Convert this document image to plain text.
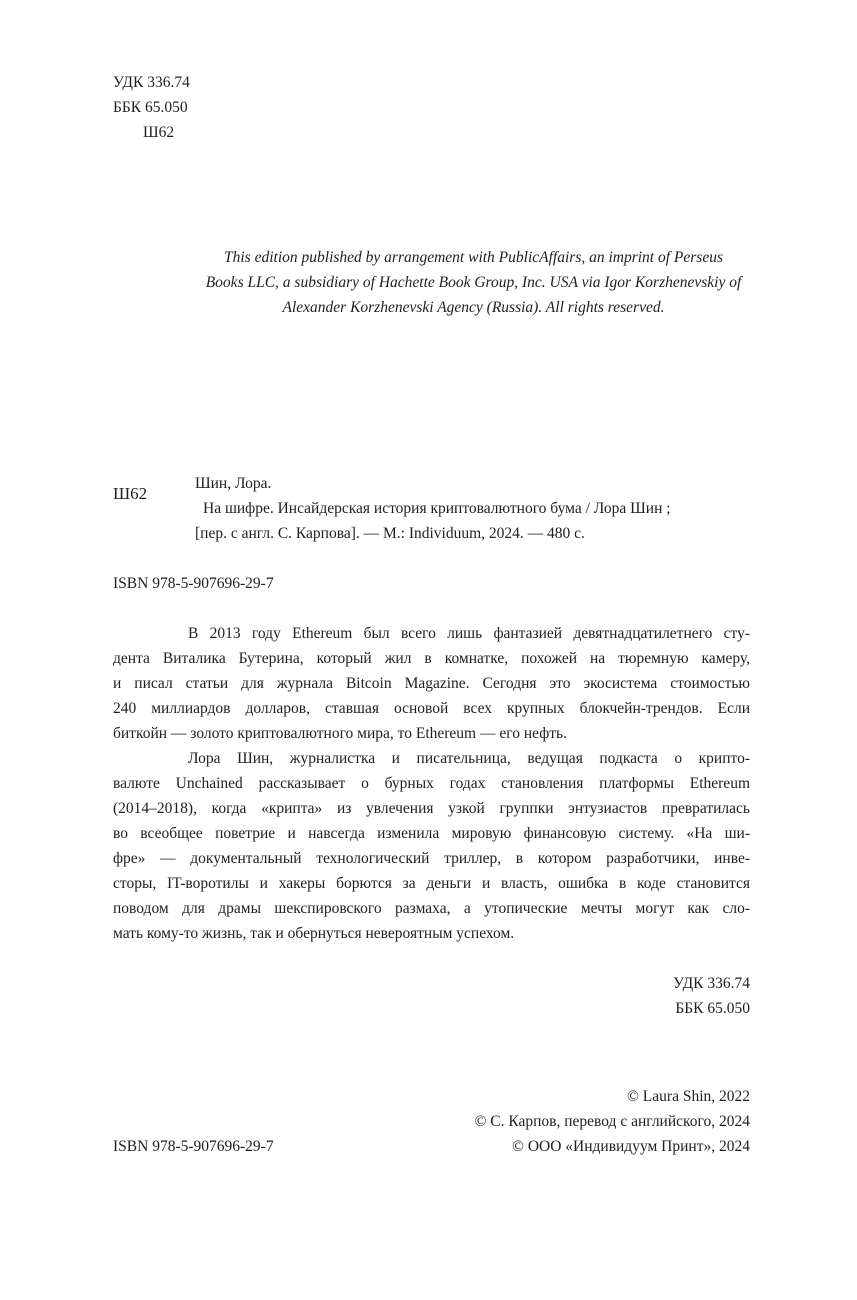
УДК 336.74
ББК 65.050
Ш62
This edition published by arrangement with PublicAffairs, an imprint of Perseus
Books LLC, a subsidiary of Hachette Book Group, Inc. USA via Igor Korzhenevskiy of
Alexander Korzhenevski Agency (Russia). All rights reserved.
Ш62
Шин, Лора.
На шифре. Инсайдерская история криптовалютного бума / Лора Шин ;
[пер. с англ. С. Карпова]. — М.: Individuum, 2024. — 480 с.
ISBN 978-5-907696-29-7
В 2013 году Ethereum был всего лишь фантазией девятнадцатилетнего сту-
дента Виталика Бутерина, который жил в комнатке, похожей на тюремную камеру,
и писал статьи для журнала Bitcoin Magazine. Сегодня это экосистема стоимостью
240 миллиардов долларов, ставшая основой всех крупных блокчейн-трендов. Если
биткойн — золото криптовалютного мира, то Ethereum — его нефть.
Лора Шин, журналистка и писательница, ведущая подкаста о крипто-
валюте Unchained рассказывает о бурных годах становления платформы Ethereum
(2014–2018), когда «крипта» из увлечения узкой группки энтузиастов превратилась
во всеобщее поветрие и навсегда изменила мировую финансовую систему. «На ши-
фре» — документальный технологический триллер, в котором разработчики, инве-
сторы, IT-воротилы и хакеры борются за деньги и власть, ошибка в коде становится
поводом для драмы шекспировского размаха, а утопические мечты могут как сло-
мать кому-то жизнь, так и обернуться невероятным успехом.
УДК 336.74
ББК 65.050
ISBN 978-5-907696-29-7
© Laura Shin, 2022
© С. Карпов, перевод с английского, 2024
© ООО «Индивидуум Принт», 2024
